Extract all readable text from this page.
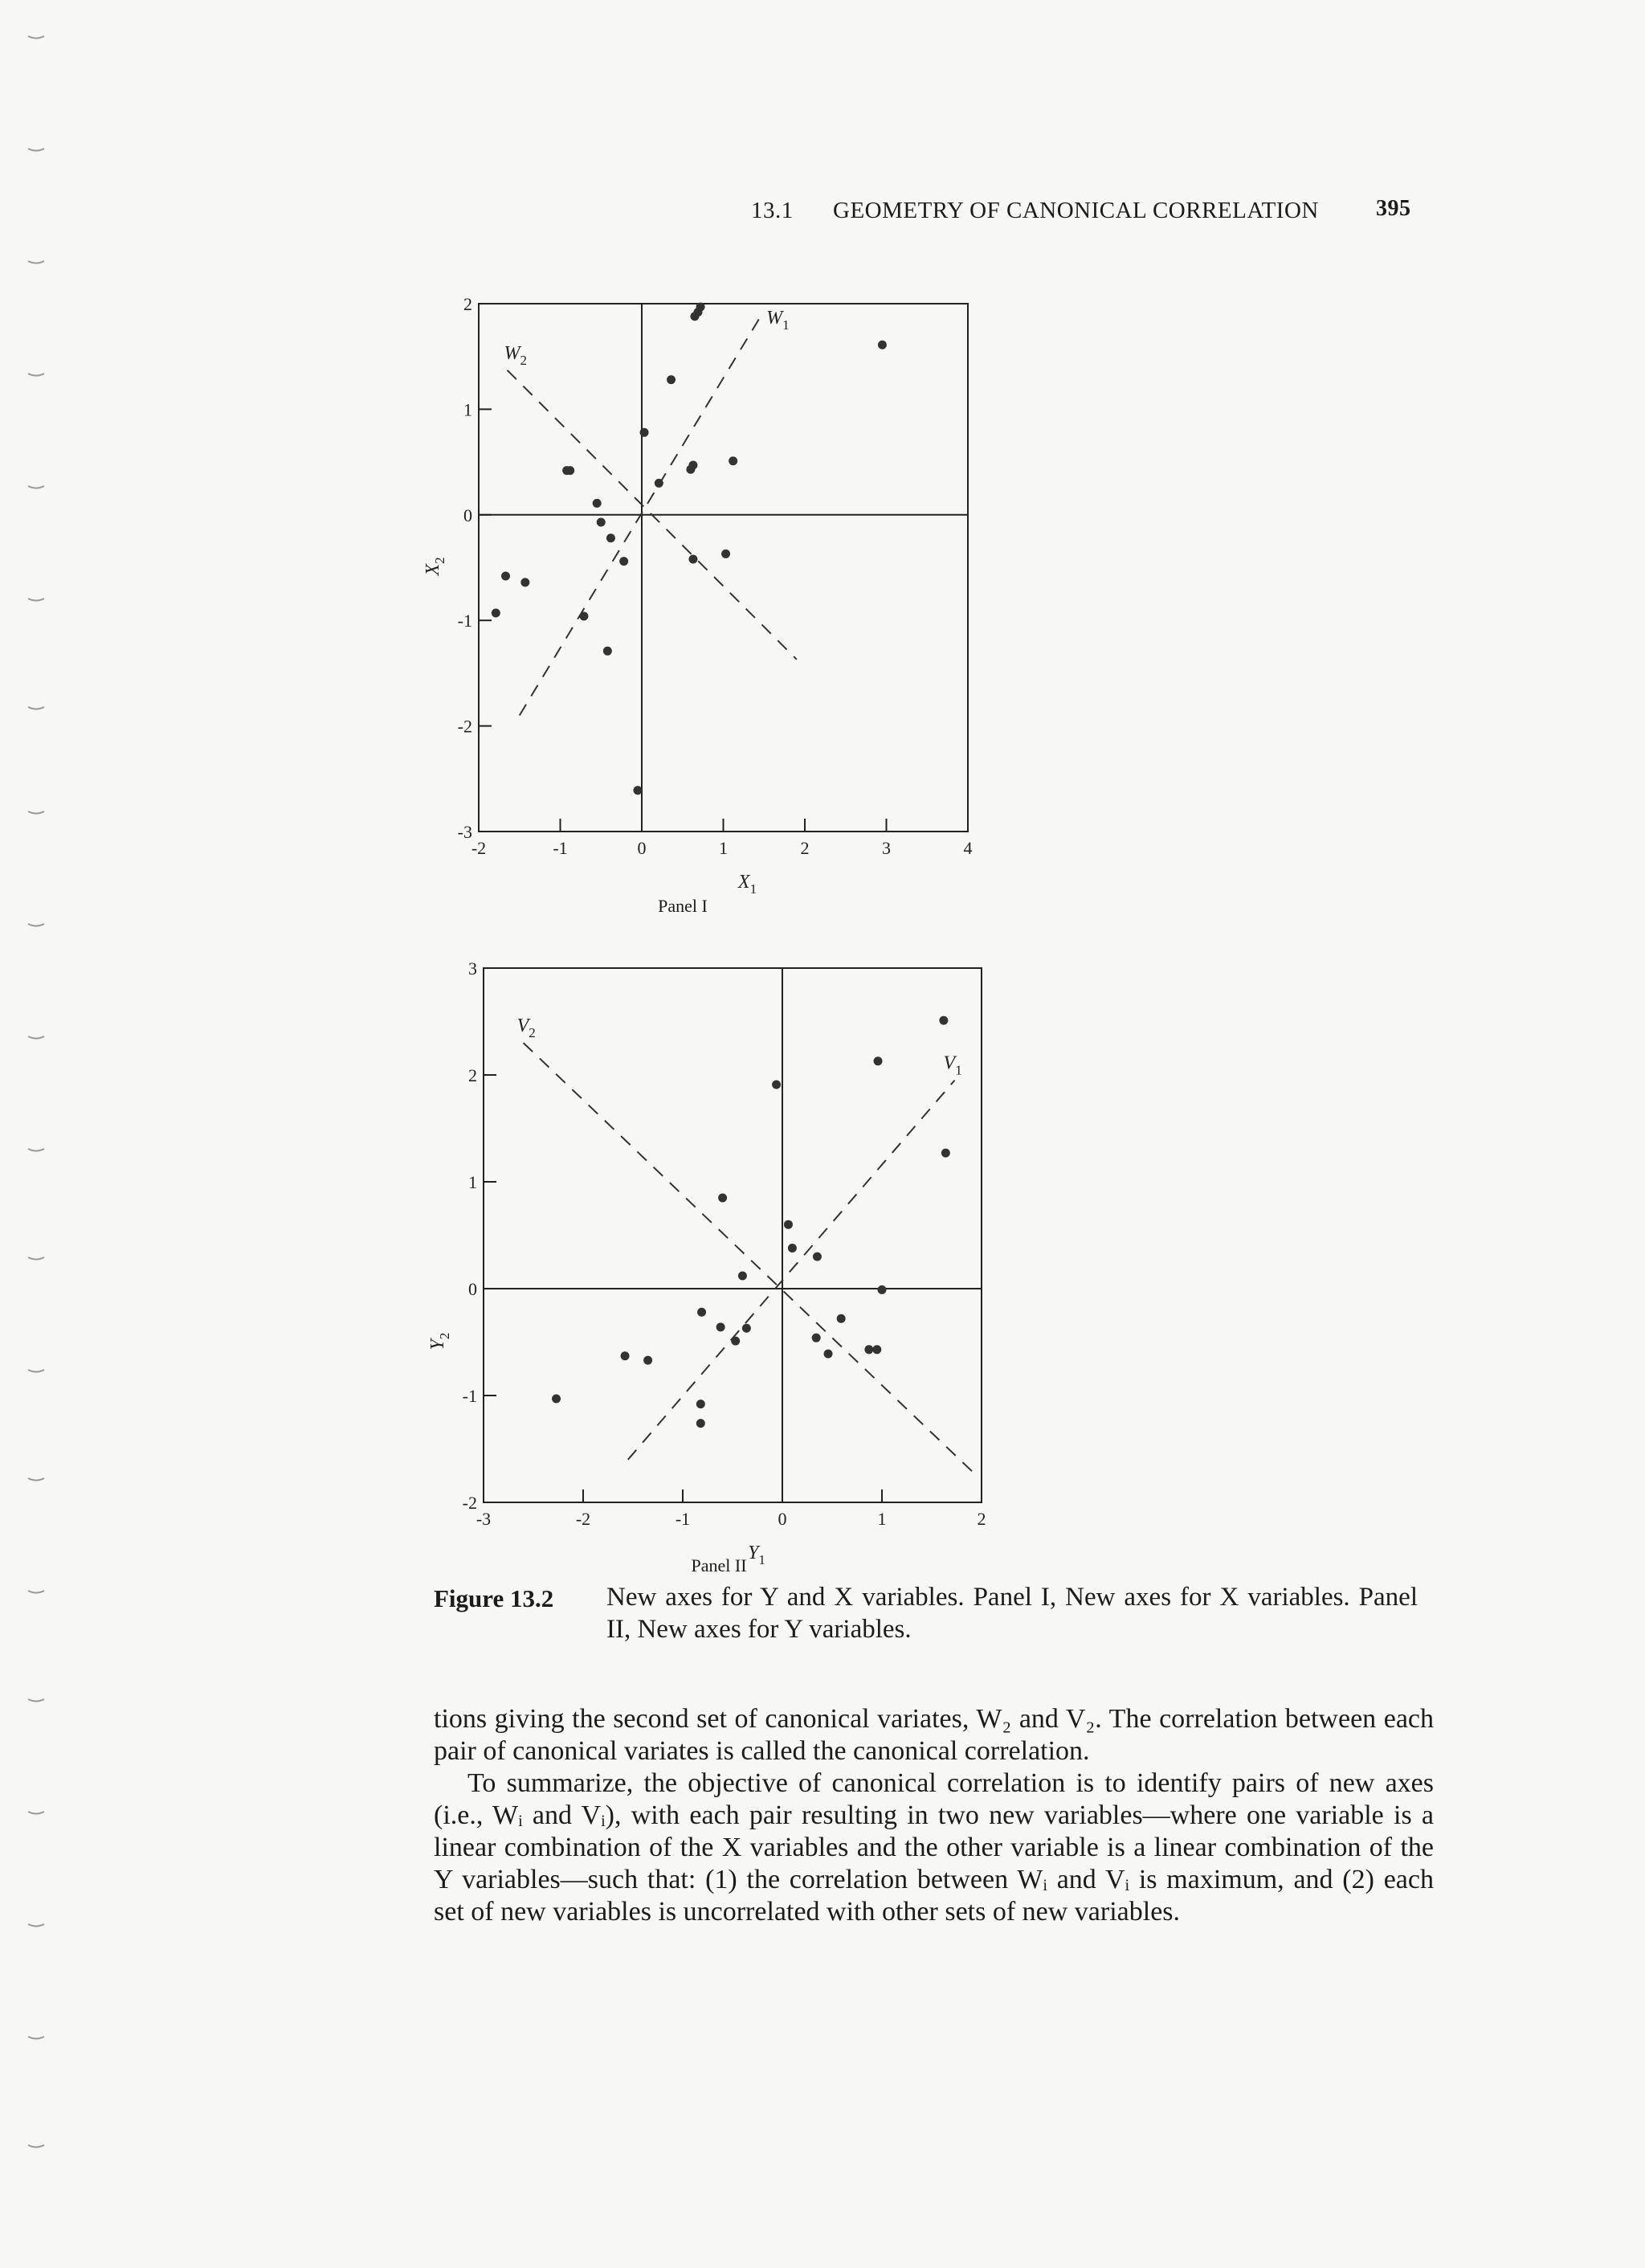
13.1 GEOMETRY OF CANONICAL CORRELATION	395
-2	-1	0	1	2	3	4
-3
-2
-1
0
1
2
$W_1$
$W_2$
$X_1$
$X_2$
-3	-2	-1	0	1	2
-2
-1
0
1
2
3
$V_1$
$V_2$
$Y_1$
$Y_2$
Panel I
Panel II
Figure 13.2 New axes for Y and X variables. Panel I, New axes for X variables. Panel II, New axes for Y variables.

tions giving the second set of canonical variates, W₂ and V₂. The correlation between each pair of canonical variates is called the canonical correlation.

To summarize, the objective of canonical correlation is to identify pairs of new axes (i.e., Wᵢ and Vᵢ), with each pair resulting in two new variables—where one variable is a linear combination of the X variables and the other variable is a linear combination of the Y variables—such that: (1) the correlation between Wᵢ and Vᵢ is maximum, and (2) each set of new variables is uncorrelated with other sets of new variables.
